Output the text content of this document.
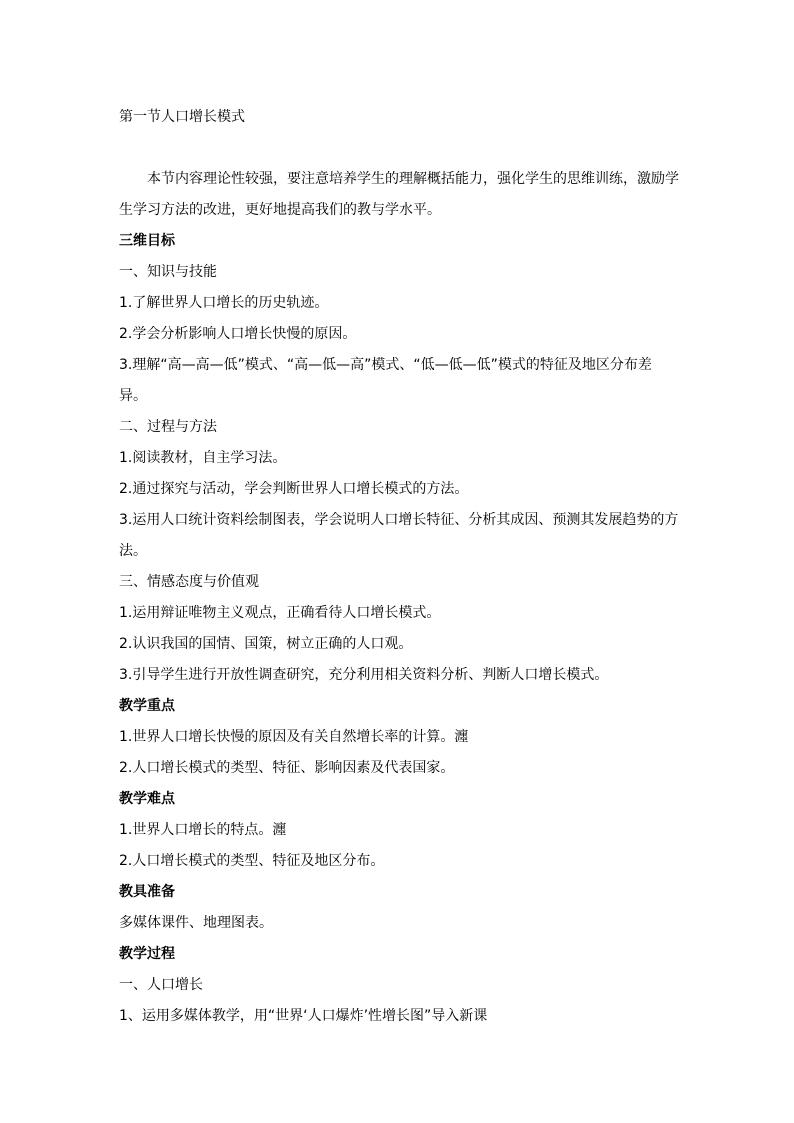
第一节人口增长模式

本节内容理论性较强，要注意培养学生的理解概括能力，强化学生的思维训练，激励学生学习方法的改进，更好地提高我们的教与学水平。

三维目标

一、知识与技能

1.了解世界人口增长的历史轨迹。

2.学会分析影响人口增长快慢的原因。

3.理解“高—高—低”模式、“高—低—高”模式、“低—低—低”模式的特征及地区分布差异。

二、过程与方法

1.阅读教材，自主学习法。

2.通过探究与活动，学会判断世界人口增长模式的方法。

3.运用人口统计资料绘制图表，学会说明人口增长特征、分析其成因、预测其发展趋势的方法。

三、情感态度与价值观

1.运用辩证唯物主义观点，正确看待人口增长模式。

2.认识我国的国情、国策，树立正确的人口观。

3.引导学生进行开放性调查研究，充分利用相关资料分析、判断人口增长模式。

教学重点

1.世界人口增长快慢的原因及有关自然增长率的计算。瀍

2.人口增长模式的类型、特征、影响因素及代表国家。

教学难点

1.世界人口增长的特点。瀍

2.人口增长模式的类型、特征及地区分布。

教具准备

多媒体课件、地理图表。

教学过程

一、人口增长

1、运用多媒体教学，用“世界‘人口爆炸’性增长图”导入新课
